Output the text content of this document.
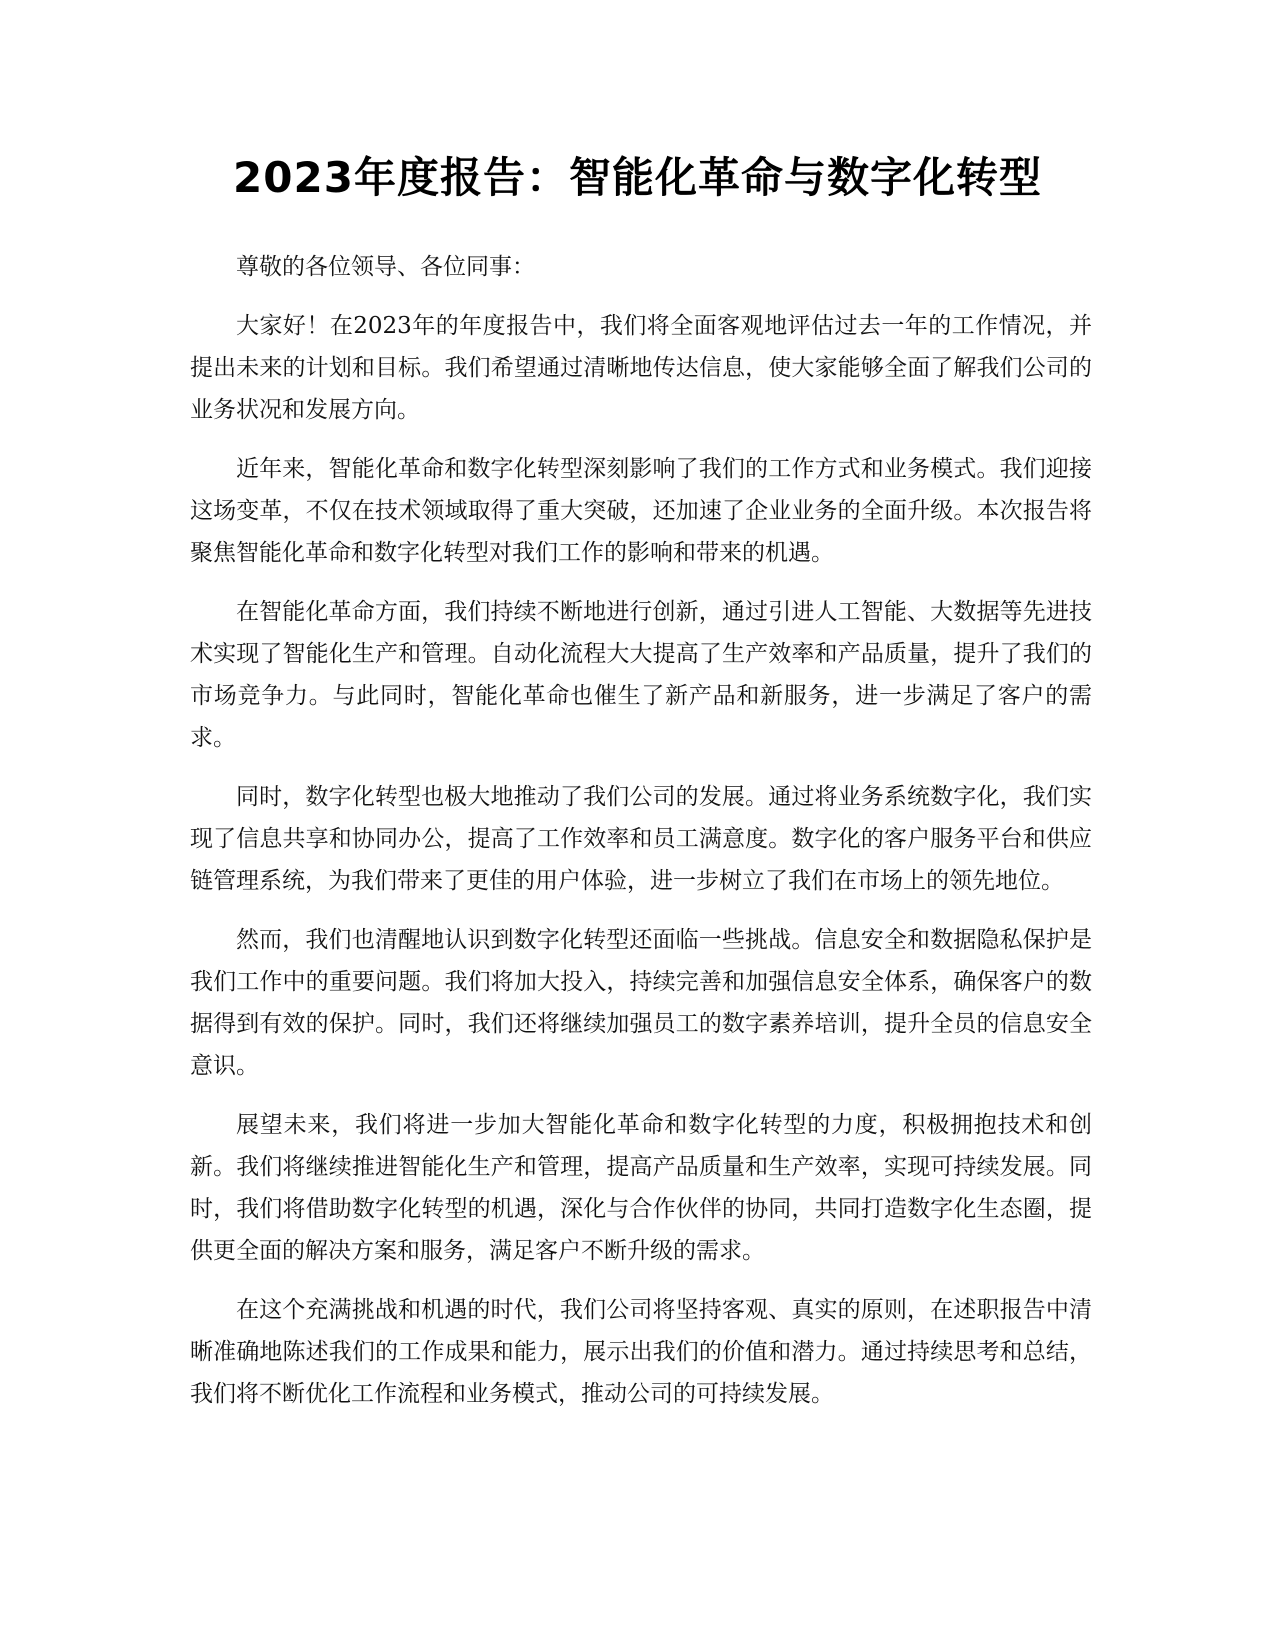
2023年度报告：智能化革命与数字化转型

尊敬的各位领导、各位同事：

大家好！在2023年的年度报告中，我们将全面客观地评估过去一年的工作情况，并提出未来的计划和目标。我们希望通过清晰地传达信息，使大家能够全面了解我们公司的业务状况和发展方向。

近年来，智能化革命和数字化转型深刻影响了我们的工作方式和业务模式。我们迎接这场变革，不仅在技术领域取得了重大突破，还加速了企业业务的全面升级。本次报告将聚焦智能化革命和数字化转型对我们工作的影响和带来的机遇。

在智能化革命方面，我们持续不断地进行创新，通过引进人工智能、大数据等先进技术实现了智能化生产和管理。自动化流程大大提高了生产效率和产品质量，提升了我们的市场竞争力。与此同时，智能化革命也催生了新产品和新服务，进一步满足了客户的需求。

同时，数字化转型也极大地推动了我们公司的发展。通过将业务系统数字化，我们实现了信息共享和协同办公，提高了工作效率和员工满意度。数字化的客户服务平台和供应链管理系统，为我们带来了更佳的用户体验，进一步树立了我们在市场上的领先地位。

然而，我们也清醒地认识到数字化转型还面临一些挑战。信息安全和数据隐私保护是我们工作中的重要问题。我们将加大投入，持续完善和加强信息安全体系，确保客户的数据得到有效的保护。同时，我们还将继续加强员工的数字素养培训，提升全员的信息安全意识。

展望未来，我们将进一步加大智能化革命和数字化转型的力度，积极拥抱技术和创新。我们将继续推进智能化生产和管理，提高产品质量和生产效率，实现可持续发展。同时，我们将借助数字化转型的机遇，深化与合作伙伴的协同，共同打造数字化生态圈，提供更全面的解决方案和服务，满足客户不断升级的需求。

在这个充满挑战和机遇的时代，我们公司将坚持客观、真实的原则，在述职报告中清晰准确地陈述我们的工作成果和能力，展示出我们的价值和潜力。通过持续思考和总结，我们将不断优化工作流程和业务模式，推动公司的可持续发展。
